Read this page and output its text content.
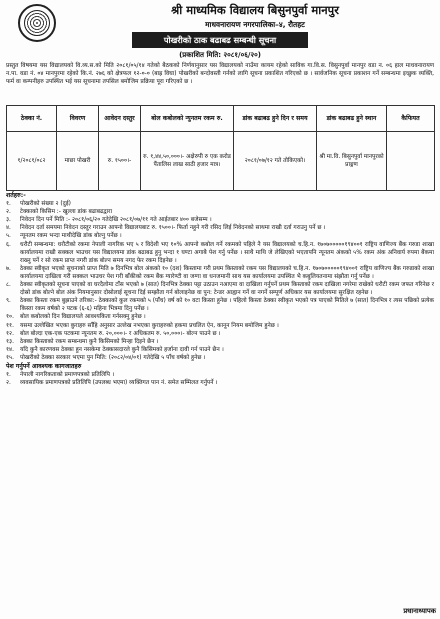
श्री माध्यमिक विद्यालय बिसुनपुर्वा मानपुर
माधवनारायण नगरपालिका–४, रौतहट
पोखरीको ठाक बढाबढ सम्बन्धी सूचना
(प्रकाशित मिति: २०८१/०६/२०)

प्रस्तुत विषयमा यस विद्यालयको वि.व्य.स.को मिति २०८१/०५/१४ गतेको बैठकको निर्णयानुसार यस विद्यालयको नाउँमा कायम रहेको साविक गा.वि.स. विसुनपुर्वा मानपुर वडा न. ०६ हाल माधवनारायण न.पा. वडा नं. ०४ मानपुरमा रहेको कि.नं. २७६ को क्षेत्रफल १२-०-० (बाह्र विघा) पोखरीको बन्दोवस्ती गर्नको लागि सूचना प्रकाशित गरिएको छ । सार्वजनिक सूचना प्रकाशन गर्ने सम्बन्धमा इच्छुक व्यक्ति, फर्म वा कम्पनीहरु उपस्थित भई यस सूचनामा तपसिल बमोजिम प्रक्रिया पूरा गरिएको छ ।

ठेक्का नं.	विवरण	आवेदन दस्तुर	बोल कबोलको न्युनतम रकम रु.	डांक बढाबढ हुने दिन र समय	डांक बढाबढ हुने स्थान	कैफियत
१/२०८१/०८२	माछा पोखरी	रु. १५००।-	रु. १,४४,५०,०००।- अक्षेरुपी रु एक करोड पैंतालिस लाख साठी हजार मात्र।	२०८१/०७/१२ गते तोकिएको।	श्री मा.वि. बिसुनपुर्वा मानपुरको प्राङ्गण	
शर्तहरु:-
१.	पोखरीको संख्या २ (दुई)
२.	टेक्काको किसिम :- खुल्ला डांक बढाबढद्वारा
३.	निवेदन दिन पर्ने मिति :- २०८१/०६/२० गतेदेखि २०८१/०७/११ गते आईतबार ४०० बजेसम्म ।
४.	निवेदन दर्ता समयमा निवेदन दस्तुर गराउन आफ्नो विद्यालयबाट रु. १५००।- फिर्ता नहुने गरी रसिद लिई निवेदनको साथमा राखी दर्ता गराउनु पर्ने छ ।
५.	न्यूनतम रकम भन्दा माथीदेखि डांक बोल्नु पर्नेछ ।
६.	धरौटी सम्बन्धमा: धरौटीको रकमा नेपाली नागरिक भए ५ र विदेशी भए १०% आफ्नो कबोल गर्ने रकमको पहिले नै यस विद्यालयको च.हि.न. १७०७०००००१९४००१ राष्ट्रिय वाणिज्य बैंक गरुडा शाखा कार्यालयमा राखी सक्कल भाउचर यस विद्यालयमा डांक बढाबढ हुनु भन्दा १ घण्टा अगाबै पेश गर्नु पर्नेछ । साथै माथि जे लेखिएको भएतापनि न्यूनतम अंकको ५% रकम अंक अनिवार्य रुपमा बैंकमा राख्नु पर्ने र सो रकम प्राप्त नगरी डांक बोल्न समय नगद फेर रकम दिइनेछ ।
७.	ठेक्का स्वीकृत भएको सूचनाको प्राप्त मिति ७ दिनभित्र बोल अंकको १० (दश) किस्तामा गरी प्रथम किस्ताको रकम यस विद्यालयको च.हि.न. १७०७०००००१९४००१ राष्ट्रिय वाणिज्य बैंक गरुडाको शाखा कार्यालयमा दाखिला गरी सक्कल भाउचर पेश गरी बाँकीको रकम बैंक ग्यारेण्टी वा जग्गा वा धनजमानी साथ यस कार्यालयमा उपस्थित भै कबुलियतनामा संझौता गर्नु पर्नेछ ।
८.	ठेक्का स्वीकृतको सूचना पाएको वा घरदैलोमा टाँस भएको ७ (सात) दिनभित्र ठेक्का पट्टा उठाउन नआएमा वा दाखिला गर्नुपर्ने प्रथम किस्ताको रकम दाखिला नगरेमा राखेको धरौटी रकम जफत गरिनेछ र दोस्रो डांक बोल्ने बोल अंक नियमानुसार दोस्रोलाई सूचना दिई सम्झौता गर्न बोलाइनेछ वा पुन: टेन्डर आह्वान गर्ने वा नगर्ने सम्पूर्ण अधिकार यस कार्यालयमा सुरक्षित रहनेछ ।
९.	ठेक्का किस्ता रकम बुझाउने तरिका:- ठेक्काको कुल रकमको ५ (पाँच) वर्ष को १० वटा किस्ता हुनेछ । पहिलो किस्ता ठेक्का स्वीकृत भएको पत्र पाएको मितिले ७ (सात) दिनभित्र र त्यस पछिको प्रत्येक किस्ता रकम वर्षको २ पटक (६-६) महिना भित्रमा दिनु पर्नेछ ।
१०.	बोल कबोलको दिन विद्यालयले आवश्यकिता गर्नसक्नु हुनेछ ।
११.	यसमा उल्लेखित भएका कुराहरु साँहि अनुसार उल्लेख नभएका कुराहरुको हकमा प्रचलित ऐन, कानून नियम बमोजिम हुनेछ ।
१२.	बोल बोल्दा एक-एक पटकमा न्यूनतम रु. २०,०००।- र अधिकतम रु. ५०,०००।- बोल्न पाउने छ ।
१३.	ठेक्का किस्ताको रकम सम्बन्धमा कुनै किसिमको मिन्हा दिइने छैन ।
१४.	यदि कुनै कारणवस ठेक्का हुन नसकेमा ठेक्कासदारले कुनै किसिमको हर्जाना दावी गर्न पाउने छैन ।
१५.	पोखरीको ठेक्का सरकार भएमा पुन मिति: (२०८२/०४/०१) गतेदेखि ५ पाँच वर्षको हुनेछ ।
पेश गर्नुपर्ने आवश्यक कागजातहरु
१.	नेपाली नागरिकताको प्रमाणपत्रको प्रतिलिपि ।
२.	व्यवसायिक प्रमाणपत्रको प्रतिलिपि (उपलब्ध भएमा) व्यक्तिगत पान नं. समेत सम्मिलत गर्नुपर्ने ।
प्रधानाध्यापक
